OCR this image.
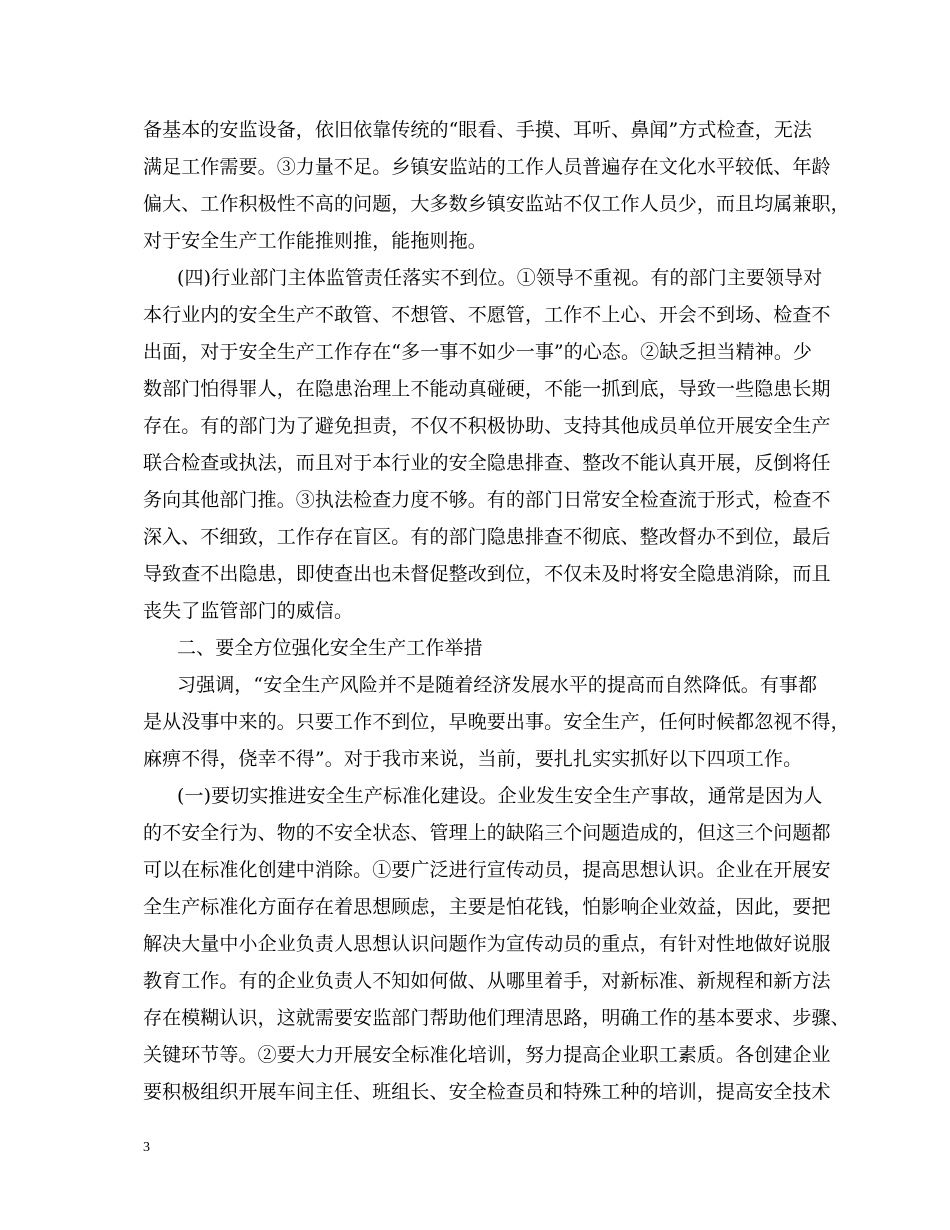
备基本的安监设备，依旧依靠传统的“眼看、手摸、耳听、鼻闻”方式检查，无法
满足工作需要。③力量不足。乡镇安监站的工作人员普遍存在文化水平较低、年龄
偏大、工作积极性不高的问题，大多数乡镇安监站不仅工作人员少，而且均属兼职，
对于安全生产工作能推则推，能拖则拖。
(四)行业部门主体监管责任落实不到位。①领导不重视。有的部门主要领导对
本行业内的安全生产不敢管、不想管、不愿管，工作不上心、开会不到场、检查不
出面，对于安全生产工作存在“多一事不如少一事”的心态。②缺乏担当精神。少
数部门怕得罪人，在隐患治理上不能动真碰硬，不能一抓到底，导致一些隐患长期
存在。有的部门为了避免担责，不仅不积极协助、支持其他成员单位开展安全生产
联合检查或执法，而且对于本行业的安全隐患排查、整改不能认真开展，反倒将任
务向其他部门推。③执法检查力度不够。有的部门日常安全检查流于形式，检查不
深入、不细致，工作存在盲区。有的部门隐患排查不彻底、整改督办不到位，最后
导致查不出隐患，即使查出也未督促整改到位，不仅未及时将安全隐患消除，而且
丧失了监管部门的威信。
二、要全方位强化安全生产工作举措
习强调，“安全生产风险并不是随着经济发展水平的提高而自然降低。有事都
是从没事中来的。只要工作不到位，早晚要出事。安全生产，任何时候都忽视不得，
麻痹不得，侥幸不得”。对于我市来说，当前，要扎扎实实抓好以下四项工作。
(一)要切实推进安全生产标准化建设。企业发生安全生产事故，通常是因为人
的不安全行为、物的不安全状态、管理上的缺陷三个问题造成的，但这三个问题都
可以在标准化创建中消除。①要广泛进行宣传动员，提高思想认识。企业在开展安
全生产标准化方面存在着思想顾虑，主要是怕花钱，怕影响企业效益，因此，要把
解决大量中小企业负责人思想认识问题作为宣传动员的重点，有针对性地做好说服
教育工作。有的企业负责人不知如何做、从哪里着手，对新标准、新规程和新方法
存在模糊认识，这就需要安监部门帮助他们理清思路，明确工作的基本要求、步骤、
关键环节等。②要大力开展安全标准化培训，努力提高企业职工素质。各创建企业
要积极组织开展车间主任、班组长、安全检查员和特殊工种的培训，提高安全技术
3
